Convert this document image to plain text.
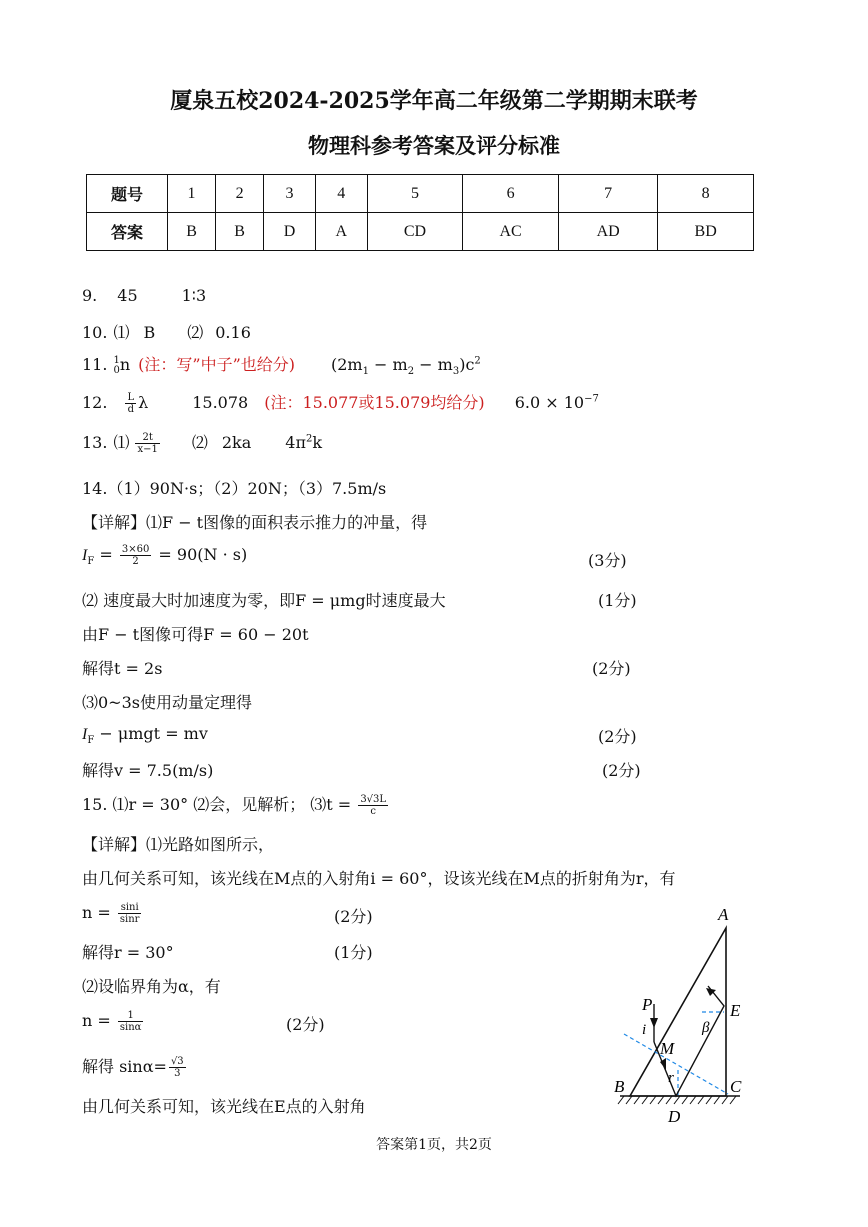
厦泉五校2024-2025学年高二年级第二学期期末联考
物理科参考答案及评分标准
题号	1	2	3	4	5	6	7	8
答案	B	B	D	A	CD	AC	AD	BD
9. 45	1∶3
10. ⑴ B ⑵ 0.16
11. 1
0 n (注：写”中子”也给分) $(2m_1 - m_2 - m_3)c^2$
12. $\frac{L}{d}$ λ	15.078 (注：15.077或15.079均给分) $6.0 \times 10^{-7}$
13. ⑴ $\frac{2t}{x-1}$ ⑵ 2ka $4\pi^2k$
14.（1）90N·s；（2）20N；（3）7.5m/s
【详解】⑴F − t图像的面积表示推力的冲量，得
$I_F = \frac{3\times 60}{2} = 90(N \cdot s)$	(3分)
⑵ 速度最大时加速度为零，即F = μmg时速度最大	(1分)
由F − t图像可得F = 60 − 20t
解得t = 2s	(2分)
⑶0~3s使用动量定理得
$I_F - \mu mgt$ = mv	(2分)
解得v = 7.5(m/s)	(2分)
15. ⑴r = 30° ⑵会，见解析； ⑶t = $\frac{3√3L}{c}$
【详解】⑴光路如图所示，
由几何关系可知，该光线在M点的入射角i = 60°，设该光线在M点的折射角为r，有
$n = \frac{\sin i}{\sin r}$	(2分)
解得r = 30°	(1分)
⑵设临界角为α，有
$n = \frac{1}{\sin\alpha}$	(2分)
解得 $\sin\alpha= \frac{√3}{3}$
由几何关系可知，该光线在E点的入射角
A
B	C
D
E
M
P
i
r
β
答案第1页，共2页
